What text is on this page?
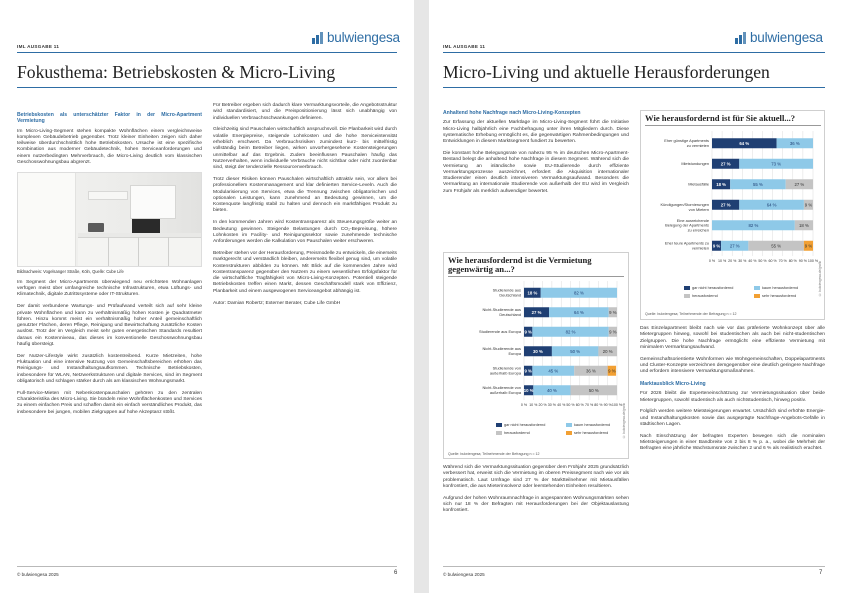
IML AUSGABE 11
bulwiengesa
Fokusthema: Betriebskosten & Micro-Living
Betriebskosten als unterschätzter Faktor in der Micro-Apartment Vermietung

Im Micro-Living-Segment stehen kompakte Wohnflächen einem vergleichsweise komplexen Gebäudebetrieb gegenüber. Trotz kleiner Einheiten zeigen sich daher teilweise überdurchschnittlich hohe Betriebskosten. Ursache ist eine spezifische Kombination aus moderner Gebäudetechnik, hohen Serviceanforderungen und einem nutzerbedingten Mehrverbrauch, die Micro-Living deutlich vom klassischen Geschosswohnungsbau abgrenzt.

Bildnachweis: Vogelsanger Straße, Köln, Quelle: Cube Life

Im Segment der Micro-Apartments überwiegend neu errichteten Wohnanlagen verfügen meist über umfangreiche technische Infrastrukturen, etwa Lüftungs- und Klimatechnik, digitale Zutrittssysteme oder IT-Strukturen.

Der damit verbundene Wartungs- und Prüfaufwand verteilt sich auf sehr kleine private Wohnflächen und kann zu verhältnismäßig hohen Kosten je Quadratmeter führen. Hinzu kommt meist ein verhältnismäßig hoher Anteil gemeinschaftlich genutzter Flächen, deren Pflege, Reinigung und Bewirtschaftung zusätzliche Kosten auslöst. Trotz der im Vergleich meist sehr guten energetischen Standards resultiert daraus ein Kostenniveau, das dieses im konventionelle Geschosswohnungsbau häufig übersteigt.

Der Nutzer-Lifestyle wirkt zusätzlich kostentreibend. Kurze Mietzeiten, hohe Fluktuation und eine intensive Nutzung von Gemeinschaftsbereichen erhöhen das Reinigungs- und Instandhaltungsaufkommen. Technische Betriebskosten, insbesondere für WLAN, Netzwerkstrukturen und digitale Services, sind im Segment obligatorisch und schlagen stärker durch als am klassischen Wohnungsmarkt.

Full-Service-Mieten mit Nebenkostenpauschalen gehören zu den zentralen Charakteristika des Micro-Living. Sie bündeln reine Wohnflächenkosten und Services zu einem einfachen Preis und schaffen damit ein einfach verständliches Produkt, das insbesondere bei jungen, mobilen Zielgruppen auf hohe Akzeptanz stößt.

Für Betreiber ergeben sich dadurch klare Vermarktungsvorteile, die Angebotsstruktur wird standardisiert, und die Preispositionierung lässt sich unabhängig von individuellen Verbrauchsschwankungen definieren.

Gleichzeitig sind Pauschalen wirtschaftlich anspruchsvoll. Die Planbarkeit wird durch volatile Energiepreise, steigende Lohnkosten und die hohe Serviceintensität erheblich erschwert. Da Verbrauchsrisiken zumindest kurz- bis mittelfristig vollständig beim Betreiber liegen, wirken unvorhergesehene Kostensteigerungen unmittelbar auf das Ergebnis. Zudem beeinflussen Pauschalen häufig das Nutzerverhalten, wenn individuelle Verbräuche nicht sichtbar oder nicht zuordenbar sind, steigt der tendenzielle Ressourcenverbrauch.

Trotz dieser Risiken können Pauschalen wirtschaftlich attraktiv sein, vor allem bei professionellem Kostenmanagement und klar definierten Service-Leveln. Auch die Modularisierung von Services, etwa die Trennung zwischen obligatorischen und optionalen Leistungen, kann zunehmend an Bedeutung gewinnen, um die Kostenquote langfristig stabil zu halten und dennoch ein marktfähiges Produkt zu bieten.

In den kommenden Jahren wird Kostentransparenz als Steuerungsgröße weiter an Bedeutung gewinnen. Steigende Belastungen durch CO₂-Bepreisung, höhere Lohnkosten im Facility- und Reinigungssektor sowie zunehmende technische Anforderungen werden die Kalkulation von Pauschalen weiter erschweren.

Betreiber stehen vor der Herausforderung, Preismodelle zu entwickeln, die einerseits marktgerecht und verständlich bleiben, andererseits flexibel genug sind, um volatile Kostenstrukturen abbilden zu können. Mit Blick auf die kommenden Jahre wird Kostentransparenz gegenüber den Nutzern zu einem wesentlichen Erfolgsfaktor für die wirtschaftliche Tragfähigkeit von Micro-Living-Konzepten. Potentiell steigende Betriebskosten treffen einen Markt, dessen Geschäftsmodell stark von Effizienz, Planbarkeit und einem ausgewogenen Serviceangebot abhängig ist.

Autor: Damian Robertz; Externer Berater, Cube Life GmbH

© bulwiengesa 2025	6
IML AUSGABE 11
bulwiengesa
Micro-Living und aktuelle Herausforderungen
Anhaltend hohe Nachfrage nach Micro-Living-Konzepten

Zur Erfassung der aktuellen Marktlage im Micro-Living-Segment führt die Initiative Micro-Living halbjährlich eine Fachbefragung unter ihren Mitgliedern durch. Diese systematische Erhebung ermöglicht es, die gegenwärtigen Rahmenbedingungen und Entwicklungen in diesem Marktsegment fundiert zu bewerten.

Die konstant hohe Belegungsrate von nahezu 95 % im deutschen Micro-Apartment-Bestand belegt die anhaltend hohe Nachfrage in diesem Segment. Während sich die Vermietung an inländische sowie EU-Studierende durch effiziente Vermarktungsprozesse auszeichnet, erfordert die Akquisition internationaler Studierender einen deutlich intensiveren Vermarktungsaufwand. Besonders die Vermarktung an internationale Studierende von außerhalb der EU wird im Vergleich zum Frühjahr als merklich aufwendiger bewertet.

Wie herausfordernd ist die Vermietung gegenwärtig an...?
0 % 10 % 20 % 30 % 40 % 50 % 60 % 70 % 80 % 90 % 100 %
Studierende aus
Deutschland 18 %	82 %
Nicht-Studierende aus
Deutschland 27 %	64 %	9 %
Studierende aus Europa 9 %	82 %	9 %
Nicht-Studierende aus
Europa	30 %	50 %	20 %
Studierende von
außerhalb Europa 9 %	45 %	36 %	9 %
Nicht-Studierende von
außerhalb Europa 10 %	40 %	50 %
gar nicht herausfordernd	kaum herausfordernd
herausfordernd	sehr herausfordernd
Quelle: bulwiengesa; Teilnehmende der Befragung n = 12
© bulwiengesa.de/grafik

Während sich die Vermarktungssituation gegenüber dem Frühjahr 2025 grundsätzlich verbessert hat, erweist sich die Vermietung im oberen Preissegment nach wie vor als problematisch. Laut Umfrage sind 27 % der Marktteilnehmer mit Mietausfällen konfrontiert, die aus Mieterinsolvenz oder leerstehenden Einheiten resultieren.

Aufgrund der hohen Wohnraumnachfrage in angespannten Wohnungsmärkten sehen sich nur 18 % der Befragten mit Herausforderungen bei der Objektauslastung konfrontiert.

Wie herausfordernd ist für Sie aktuell...?
0 % 10 % 20 % 30 % 40 % 50 % 60 % 70 % 80 % 90 % 100 %
Eher günstige Apartments
zu vermieten	64 %	36 %
Mietstundungen	27 %	73 %
Mietausfälle 18 %	55 %	27 %
Kündigungen/Stornierungen
von Mietern
27 %	64 %	9 %
Eine ausreichende
Belegung der Apartments
zu erreichen
82 %	18 %
Eher teure Apartments zu
vermieten 9 % 27 %	55 %	9 %
gar nicht herausfordernd	kaum herausfordernd
herausfordernd	sehr herausfordernd
Quelle: bulwiengesa; Teilnehmende der Befragung n = 12
© bulwiengesa.de/grafik

Das Einzelapartment bleibt nach wie vor das präferierte Wohnkonzept über alle Mietergruppen hinweg, sowohl bei studentischen als auch bei nicht-studentischen Zielgruppen. Die hohe Nachfrage ermöglicht eine effiziente Vermietung mit minimalem Vermarktungsaufwand.

Gemeinschaftsorientierte Wohnformen wie Wohngemeinschaften, Doppelapartments und Cluster-Konzepte verzeichnen demgegenüber eine deutlich geringere Nachfrage und erfordern intensivere Vermarktungsmaßnahmen.

Marktausblick Micro-Living

Für 2026 bleibt die Experteneinschätzung zur Vermietungssituation über beide Mietergruppen, sowohl studentisch als auch nichtstudentisch, hinweg positiv.

Folglich werden weitere Mietsteigerungen erwartet. Ursächlich sind erhöhte Energie- und Instandhaltungskosten sowie das ausgeprägte Nachfrage-Angebots-Gefälle in städtischen Lagen.

Nach Einschätzung der befragten Experten bewegen sich die nominalen Mietsteigerungen in einer Bandbreite von 2 bis 8 % p. a., wobei die Mehrheit der Befragten eine jährliche Wachstumsrate zwischen 2 und 6 % als realistisch erachtet.

© bulwiengesa 2025	7
